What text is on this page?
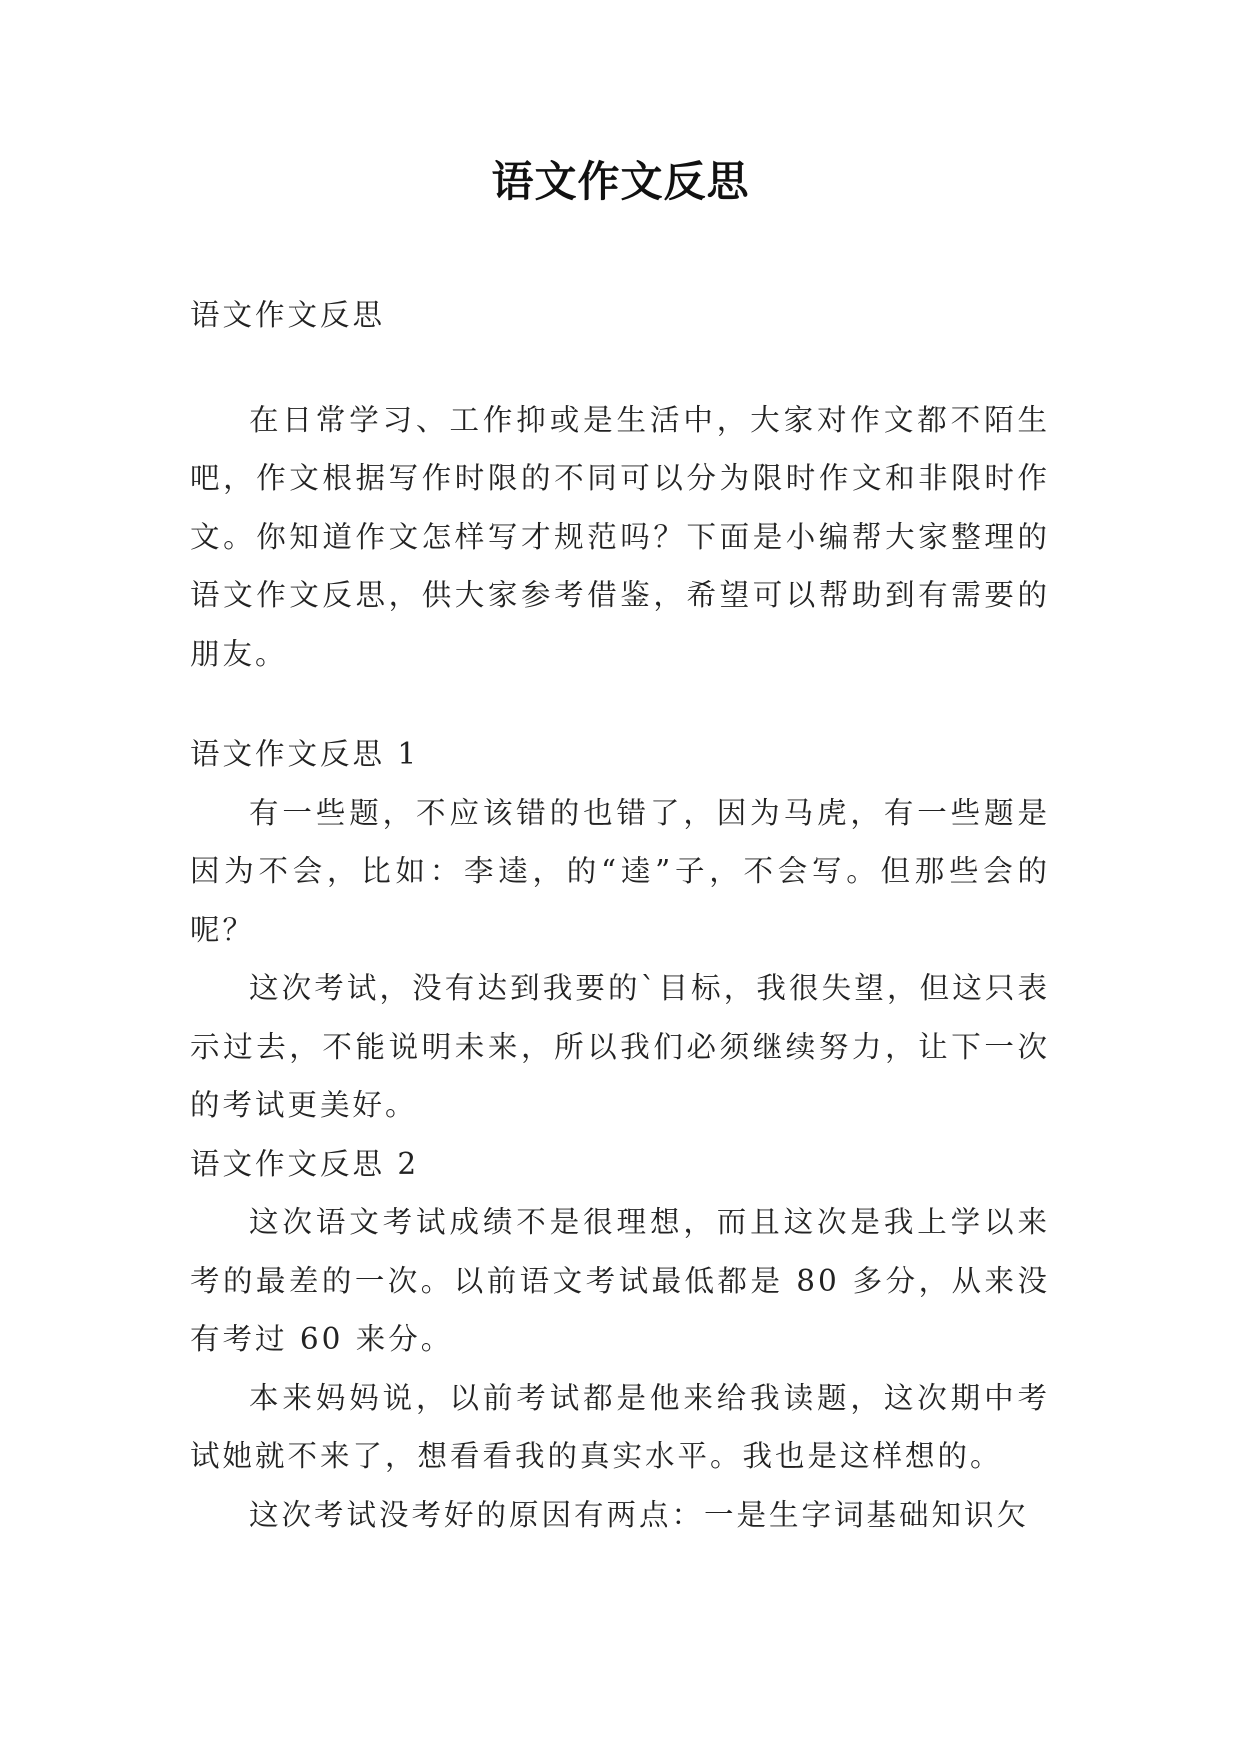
语文作文反思

语文作文反思

在日常学习、工作抑或是生活中，大家对作文都不陌生吧，作文根据写作时限的不同可以分为限时作文和非限时作文。你知道作文怎样写才规范吗？下面是小编帮大家整理的语文作文反思，供大家参考借鉴，希望可以帮助到有需要的朋友。

语文作文反思 1

有一些题，不应该错的也错了，因为马虎，有一些题是因为不会，比如：李逵，的“逵”子，不会写。但那些会的呢？

这次考试，没有达到我要的`目标，我很失望，但这只表示过去，不能说明未来，所以我们必须继续努力，让下一次的考试更美好。

语文作文反思 2

这次语文考试成绩不是很理想，而且这次是我上学以来考的最差的一次。以前语文考试最低都是 80 多分，从来没有考过 60 来分。

本来妈妈说，以前考试都是他来给我读题，这次期中考试她就不来了，想看看我的真实水平。我也是这样想的。

这次考试没考好的原因有两点：一是生字词基础知识欠
